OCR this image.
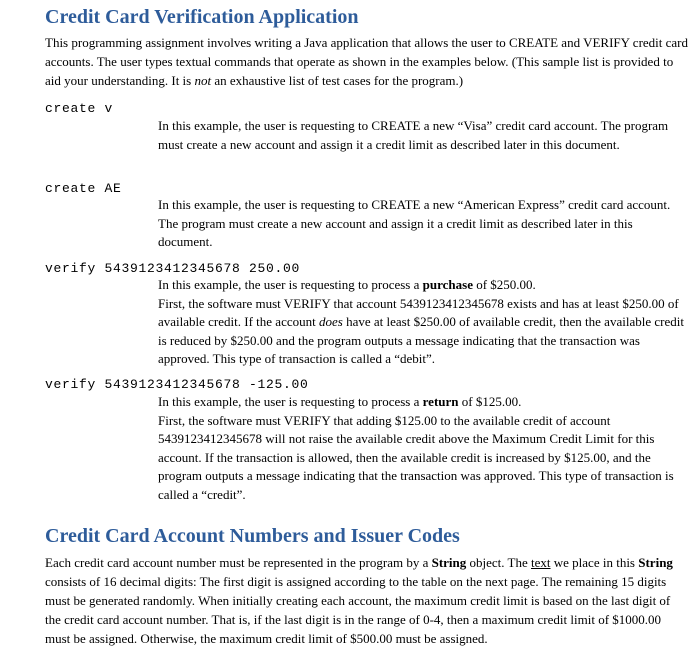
Credit Card Verification Application

This programming assignment involves writing a Java application that allows the user to CREATE and VERIFY credit card accounts. The user types textual commands that operate as shown in the examples below. (This sample list is provided to aid your understanding. It is not an exhaustive list of test cases for the program.)

create v

In this example, the user is requesting to CREATE a new “Visa” credit card account. The program must create a new account and assign it a credit limit as described later in this document.

create AE

In this example, the user is requesting to CREATE a new “American Express” credit card account. The program must create a new account and assign it a credit limit as described later in this document.

verify 5439123412345678 250.00

In this example, the user is requesting to process a purchase of $250.00.
First, the software must VERIFY that account 5439123412345678 exists and has at least $250.00 of available credit. If the account does have at least $250.00 of available credit, then the available credit is reduced by $250.00 and the program outputs a message indicating that the transaction was approved. This type of transaction is called a “debit”.

verify 5439123412345678 -125.00

In this example, the user is requesting to process a return of $125.00.
First, the software must VERIFY that adding $125.00 to the available credit of account 5439123412345678 will not raise the available credit above the Maximum Credit Limit for this account. If the transaction is allowed, then the available credit is increased by $125.00, and the program outputs a message indicating that the transaction was approved. This type of transaction is called a “credit”.

Credit Card Account Numbers and Issuer Codes

Each credit card account number must be represented in the program by a String object. The text we place in this String consists of 16 decimal digits: The first digit is assigned according to the table on the next page. The remaining 15 digits must be generated randomly. When initially creating each account, the maximum credit limit is based on the last digit of the credit card account number. That is, if the last digit is in the range of 0-4, then a maximum credit limit of $1000.00 must be assigned. Otherwise, the maximum credit limit of $500.00 must be assigned.
